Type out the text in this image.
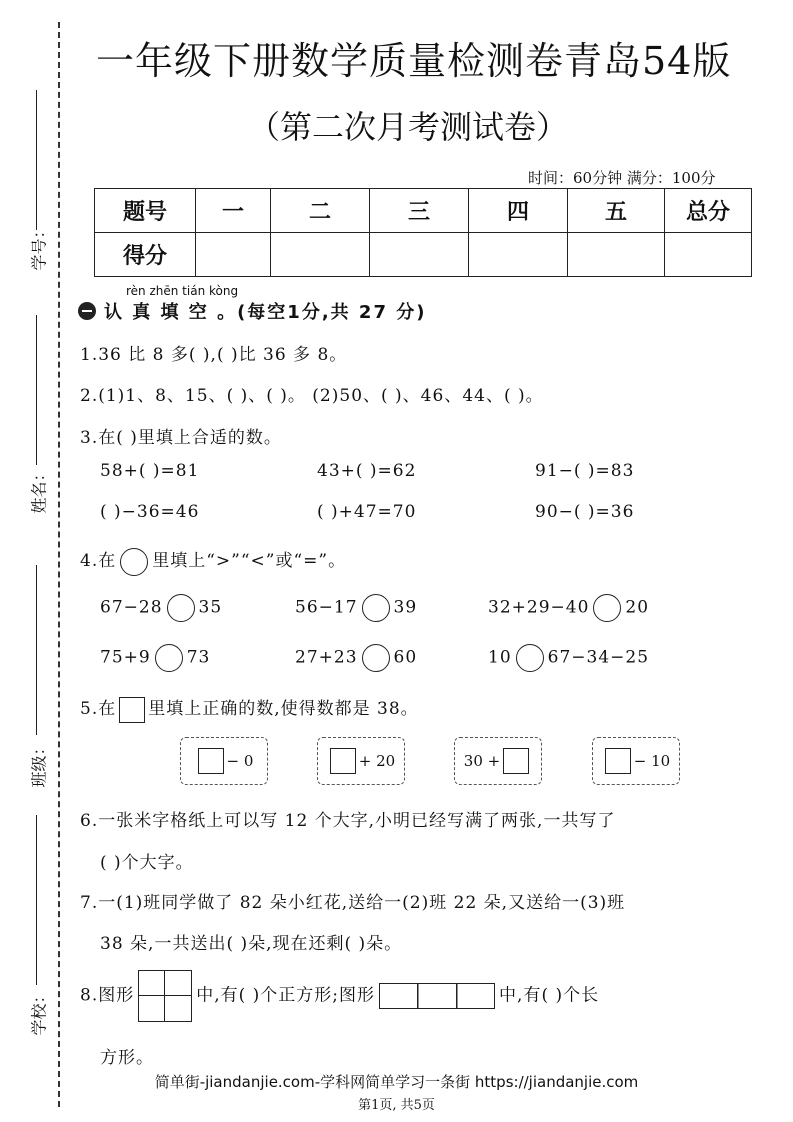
学号：
姓名：
班级：
学校：
一年级下册数学质量检测卷青岛54版
（第二次月考测试卷）
时间：60分钟 满分：100分
题号	一	二	三	四	五	总分
得分						
rèn zhēn tián kòng
认 真 填 空 。(每空1分,共 27 分)
1.36 比 8 多( ),( )比 36 多 8。
2.(1)1、8、15、( )、( )。 (2)50、( )、46、44、( )。
3.在( )里填上合适的数。
58+( )=81	43+( )=62	91−( )=83
( )−36=46	( )+47=70	90−( )=36
4.在 里填上“>”“<”或“=”。
67−28 35	56−17 39	32+29−40 20
75+9 73	27+23 60	10 67−34−25
5.在 里填上正确的数,使得数都是 38。
− 0	+ 20	30 +	− 10
6.一张米字格纸上可以写 12 个大字,小明已经写满了两张,一共写了
( )个大字。
7.一(1)班同学做了 82 朵小红花,送给一(2)班 22 朵,又送给一(3)班
38 朵,一共送出( )朵,现在还剩( )朵。
8.图形	中,有( )个正方形;图形	中,有( )个长
方形。
简单街-jiandanjie.com-学科网简单学习一条街 https://jiandanjie.com
第1页, 共5页
